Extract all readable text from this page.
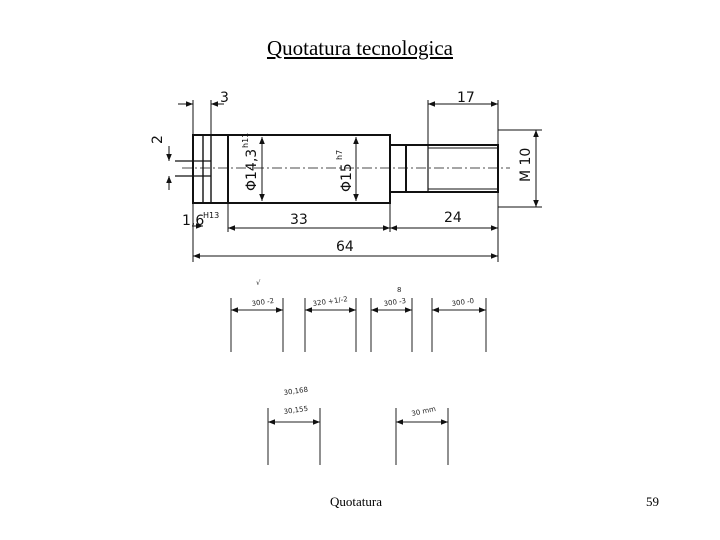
Quotatura tecnologica
3	17
2
1,6
H13	33	24
64
M 10
Φ14,3
h11
Φ15
h7
√
300 -2	320 +1/-2
8
300 -3	300 -0
30,168
30,155	30 mm
Quotatura	59
